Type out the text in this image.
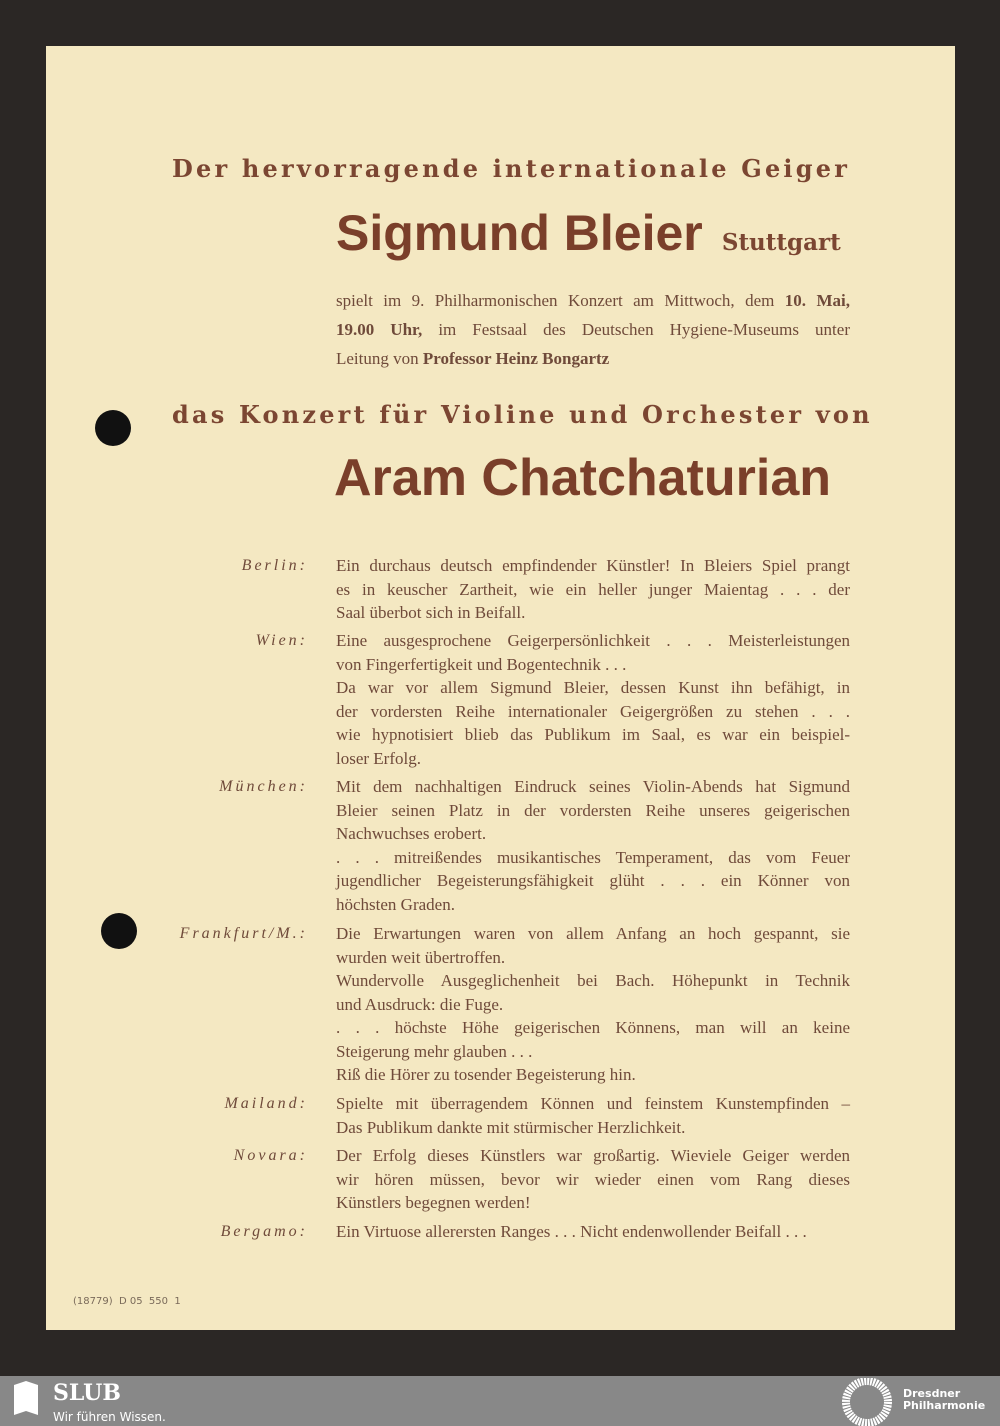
Der hervorragende internationale Geiger
Sigmund Bleier Stuttgart
spielt im 9. Philharmonischen Konzert am Mittwoch, dem 10. Mai,
19.00 Uhr, im Festsaal des Deutschen Hygiene-Museums unter
Leitung von Professor Heinz Bongartz
das Konzert für Violine und Orchester von
Aram Chatchaturian
Berlin: Ein durchaus deutsch empfindender Künstler! In Bleiers Spiel prangt
es in keuscher Zartheit, wie ein heller junger Maientag . . . der
Saal überbot sich in Beifall.
Wien: Eine ausgesprochene Geigerpersönlichkeit . . . Meisterleistungen
von Fingerfertigkeit und Bogentechnik . . .
Da war vor allem Sigmund Bleier, dessen Kunst ihn befähigt, in
der vordersten Reihe internationaler Geigergrößen zu stehen . . .
wie hypnotisiert blieb das Publikum im Saal, es war ein beispiel-
loser Erfolg.
München: Mit dem nachhaltigen Eindruck seines Violin-Abends hat Sigmund
Bleier seinen Platz in der vordersten Reihe unseres geigerischen
Nachwuchses erobert.
. . . mitreißendes musikantisches Temperament, das vom Feuer
jugendlicher Begeisterungsfähigkeit glüht . . . ein Könner von
höchsten Graden.
Frankfurt/M.: Die Erwartungen waren von allem Anfang an hoch gespannt, sie
wurden weit übertroffen.
Wundervolle Ausgeglichenheit bei Bach. Höhepunkt in Technik
und Ausdruck: die Fuge.
. . . höchste Höhe geigerischen Könnens, man will an keine
Steigerung mehr glauben . . .
Riß die Hörer zu tosender Begeisterung hin.
Mailand: Spielte mit überragendem Können und feinstem Kunstempfinden –
Das Publikum dankte mit stürmischer Herzlichkeit.
Novara: Der Erfolg dieses Künstlers war großartig. Wieviele Geiger werden
wir hören müssen, bevor wir wieder einen vom Rang dieses
Künstlers begegnen werden!
Bergamo: Ein Virtuose allerersten Ranges . . . Nicht endenwollender Beifall . . .
(18779)  D 05  550  1
SLUB
Wir führen Wissen.
Dresdner
Philharmonie
